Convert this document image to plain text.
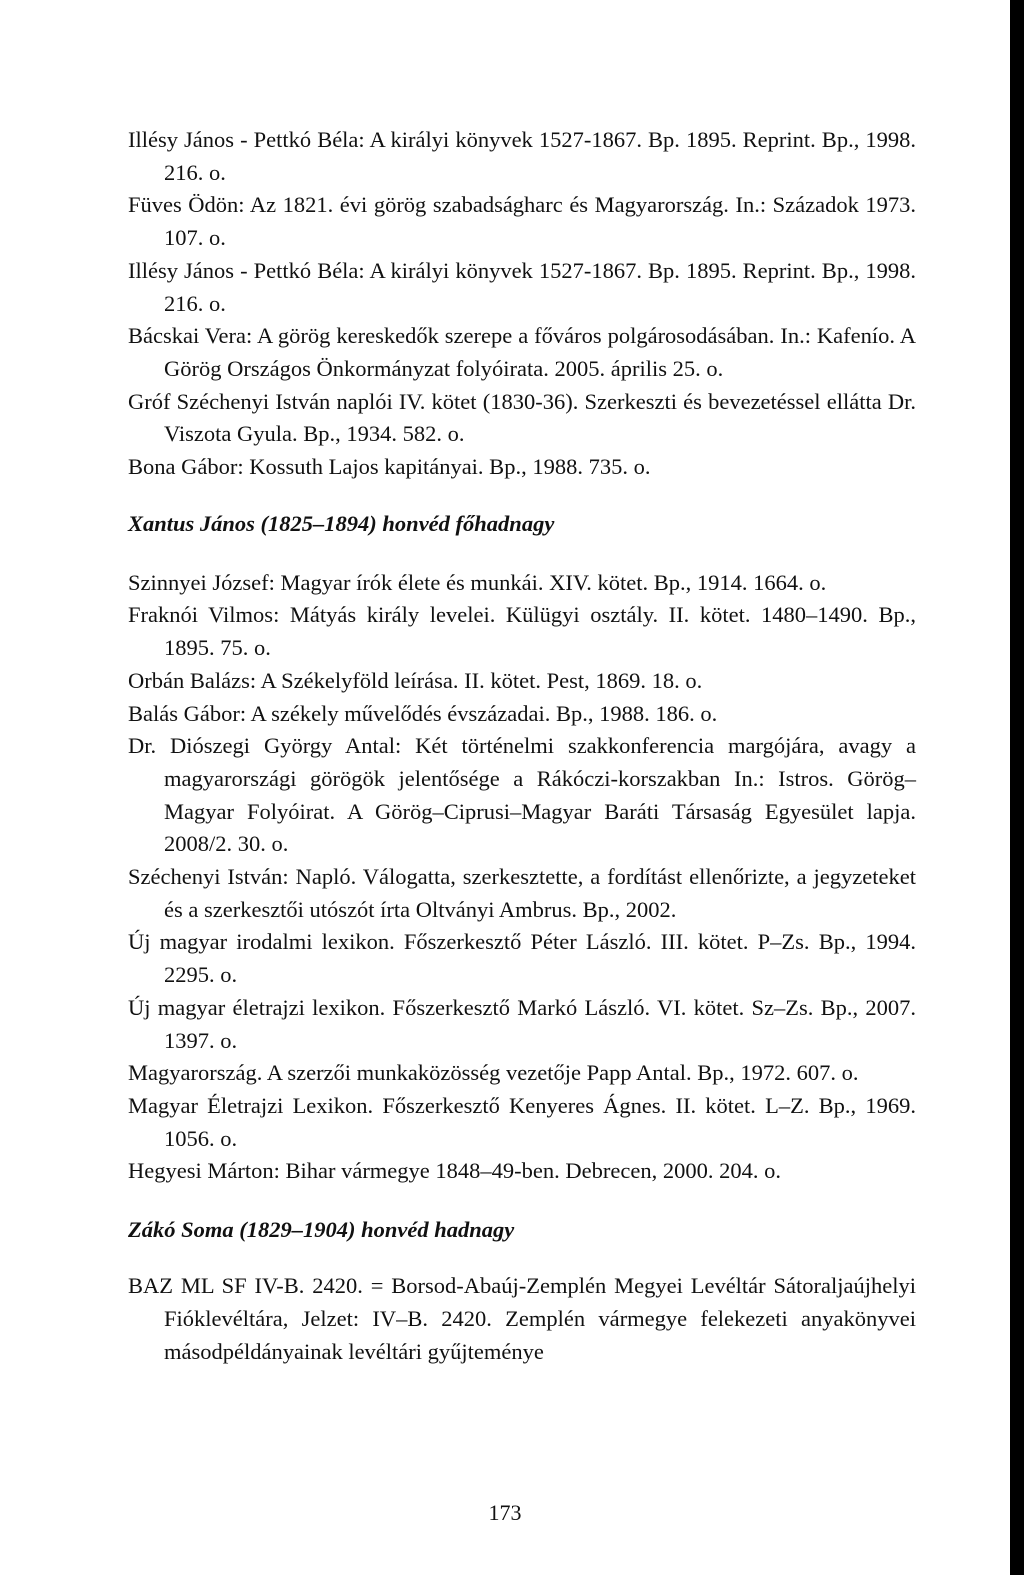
Illésy János - Pettkó Béla: A királyi könyvek 1527-1867. Bp. 1895. Reprint. Bp., 1998. 216. o.

Füves Ödön: Az 1821. évi görög szabadságharc és Magyarország. In.: Századok 1973. 107. o.

Illésy János - Pettkó Béla: A királyi könyvek 1527-1867. Bp. 1895. Reprint. Bp., 1998. 216. o.

Bácskai Vera: A görög kereskedők szerepe a főváros polgárosodásában. In.: Kafenío. A Görög Országos Önkormányzat folyóirata. 2005. április 25. o.

Gróf Széchenyi István naplói IV. kötet (1830-36). Szerkeszti és bevezetéssel ellátta Dr. Viszota Gyula. Bp., 1934. 582. o.

Bona Gábor: Kossuth Lajos kapitányai. Bp., 1988. 735. o.

Xantus János (1825–1894) honvéd főhadnagy

Szinnyei József: Magyar írók élete és munkái. XIV. kötet. Bp., 1914. 1664. o.

Fraknói Vilmos: Mátyás király levelei. Külügyi osztály. II. kötet. 1480–1490. Bp., 1895. 75. o.

Orbán Balázs: A Székelyföld leírása. II. kötet. Pest, 1869. 18. o.

Balás Gábor: A székely művelődés évszázadai. Bp., 1988. 186. o.

Dr. Diószegi György Antal: Két történelmi szakkonferencia margójára, avagy a magyarországi görögök jelentősége a Rákóczi-korszakban In.: Istros. Görög–Magyar Folyóirat. A Görög–Ciprusi–Magyar Baráti Társaság Egyesület lapja. 2008/2. 30. o.

Széchenyi István: Napló. Válogatta, szerkesztette, a fordítást ellenőrizte, a jegyzeteket és a szerkesztői utószót írta Oltványi Ambrus. Bp., 2002.

Új magyar irodalmi lexikon. Főszerkesztő Péter László. III. kötet. P–Zs. Bp., 1994. 2295. o.

Új magyar életrajzi lexikon. Főszerkesztő Markó László. VI. kötet. Sz–Zs. Bp., 2007. 1397. o.

Magyarország. A szerzői munkaközösség vezetője Papp Antal. Bp., 1972. 607. o.

Magyar Életrajzi Lexikon. Főszerkesztő Kenyeres Ágnes. II. kötet. L–Z. Bp., 1969. 1056. o.

Hegyesi Márton: Bihar vármegye 1848–49-ben. Debrecen, 2000. 204. o.

Zákó Soma (1829–1904) honvéd hadnagy

BAZ ML SF IV-B. 2420. = Borsod-Abaúj-Zemplén Megyei Levéltár Sátoraljaújhelyi Fióklevéltára, Jelzet: IV–B. 2420. Zemplén vármegye felekezeti anyakönyvei másodpéldányainak levéltári gyűjteménye

173
